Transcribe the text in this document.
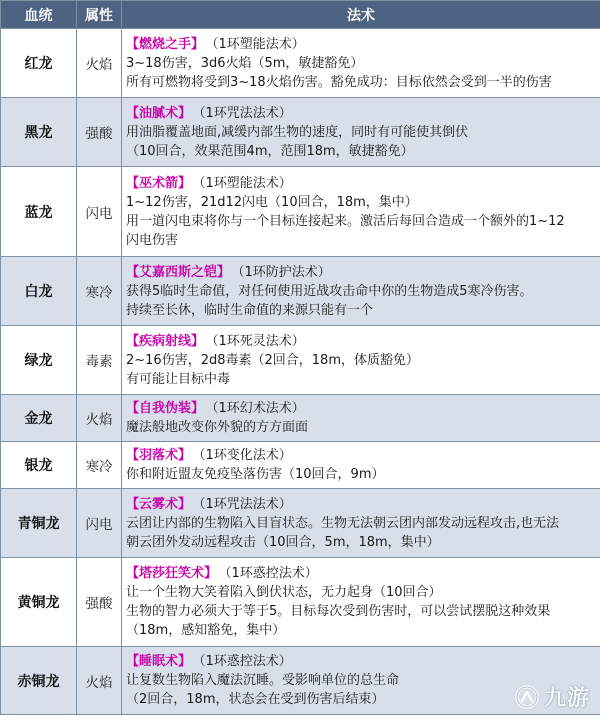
血统	属性	法术
红龙	火焰	【燃烧之手】 （1环塑能法术）
3~18伤害，3d6火焰（5m，敏捷豁免）
所有可燃物将受到3~18火焰伤害。豁免成功：目标依然会受到一半的伤害

黑龙	强酸	【油腻术】 （1环咒法法术）
用油脂覆盖地面,减缓内部生物的速度，同时有可能使其倒伏
（10回合，效果范围4m，范围18m，敏捷豁免）

蓝龙	闪电	【巫术箭】 （1环塑能法术）
1~12伤害，21d12闪电（10回合，18m，集中）
用一道闪电束将你与一个目标连接起来。激活后每回合造成一个额外的1~12
闪电伤害

白龙	寒冷	【艾嘉西斯之铠】 （1环防护法术）
获得5临时生命值，对任何使用近战攻击命中你的生物造成5寒冷伤害。
持续至长休，临时生命值的来源只能有一个

绿龙	毒素	【疾病射线】 （1环死灵法术）
2~16伤害，2d8毒素（2回合，18m，体质豁免）
有可能让目标中毒

金龙	火焰	【自我伪装】 （1环幻术法术）
魔法般地改变你外貌的方方面面

银龙	寒冷	【羽落术】 （1环变化法术）
你和附近盟友免疫坠落伤害（10回合，9m）

青铜龙	闪电	【云雾术】 （1环咒法法术）
云团让内部的生物陷入目盲状态。生物无法朝云团内部发动远程攻击,也无法
朝云团外发动远程攻击（10回合，5m，18m，集中）

黄铜龙	强酸	【塔莎狂笑术】 （1环惑控法术）
让一个生物大笑着陷入倒伏状态，无力起身（10回合）
生物的智力必须大于等于5。目标每次受到伤害时，可以尝试摆脱这种效果
（18m，感知豁免，集中）

赤铜龙	火焰	【睡眠术】 （1环惑控法术）
让复数生物陷入魔法沉睡。受影响单位的总生命
（2回合，18m，状态会在受到伤害后结束）	九游
